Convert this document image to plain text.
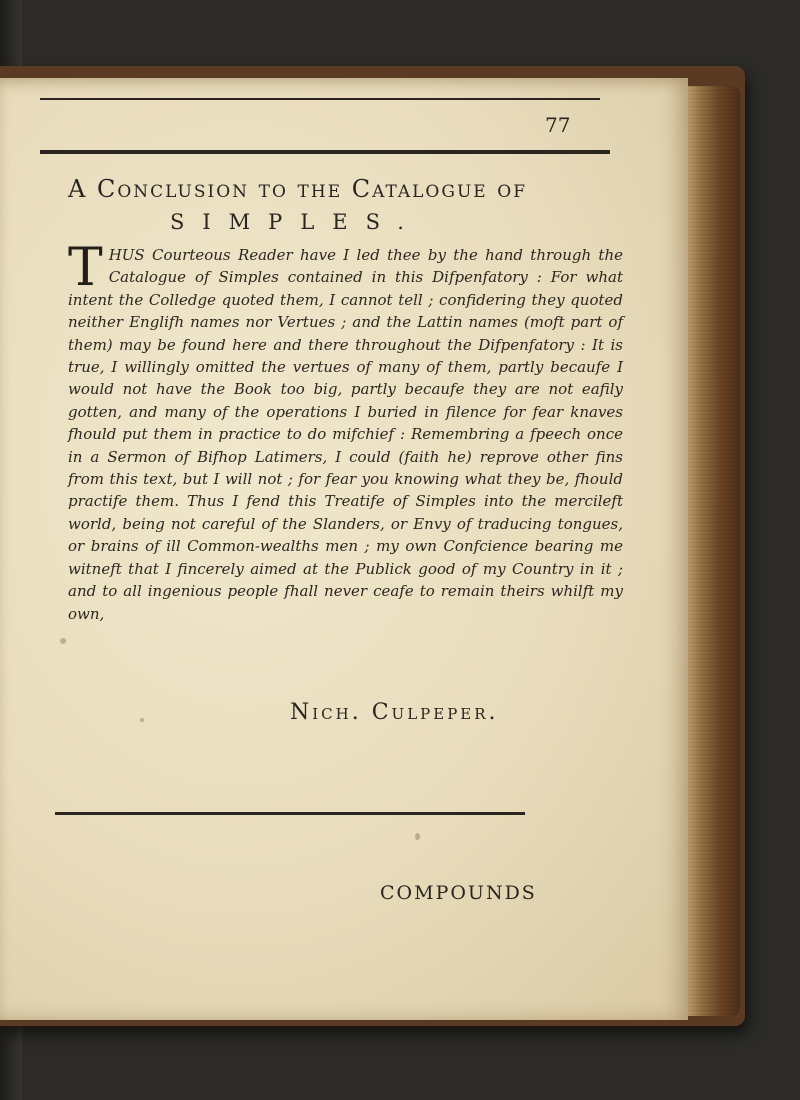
77
A Conclusion to the Catalogue of
SIMPLES.
T HUS Courteous Reader have I led thee by the hand through the Catalogue of Simples contained in this Difpenfatory : For what intent the Colledge quoted them, I cannot tell ; confidering they quoted neither Englifh names nor Vertues ; and the Lattin names (moft part of them) may be found here and there throughout the Difpenfatory : It is true, I willingly omitted the vertues of many of them, partly becaufe I would not have the Book too big, partly becaufe they are not eafily gotten, and many of the operations I buried in filence for fear knaves fhould put them in practice to do mifchief : Remembring a fpeech once in a Sermon of Bifhop Latimers, I could (faith he) reprove other fins from this text, but I will not ; for fear you knowing what they be, fhould practife them. Thus I fend this Treatife of Simples into the mercileft world, being not careful of the Slanders, or Envy of traducing tongues, or brains of ill Common-wealths men ; my own Confcience bearing me witneft that I fincerely aimed at the Publick good of my Country in it ; and to all ingenious people fhall never ceafe to remain theirs whilft my own,
Nich. Culpeper.
COMPOUNDS
